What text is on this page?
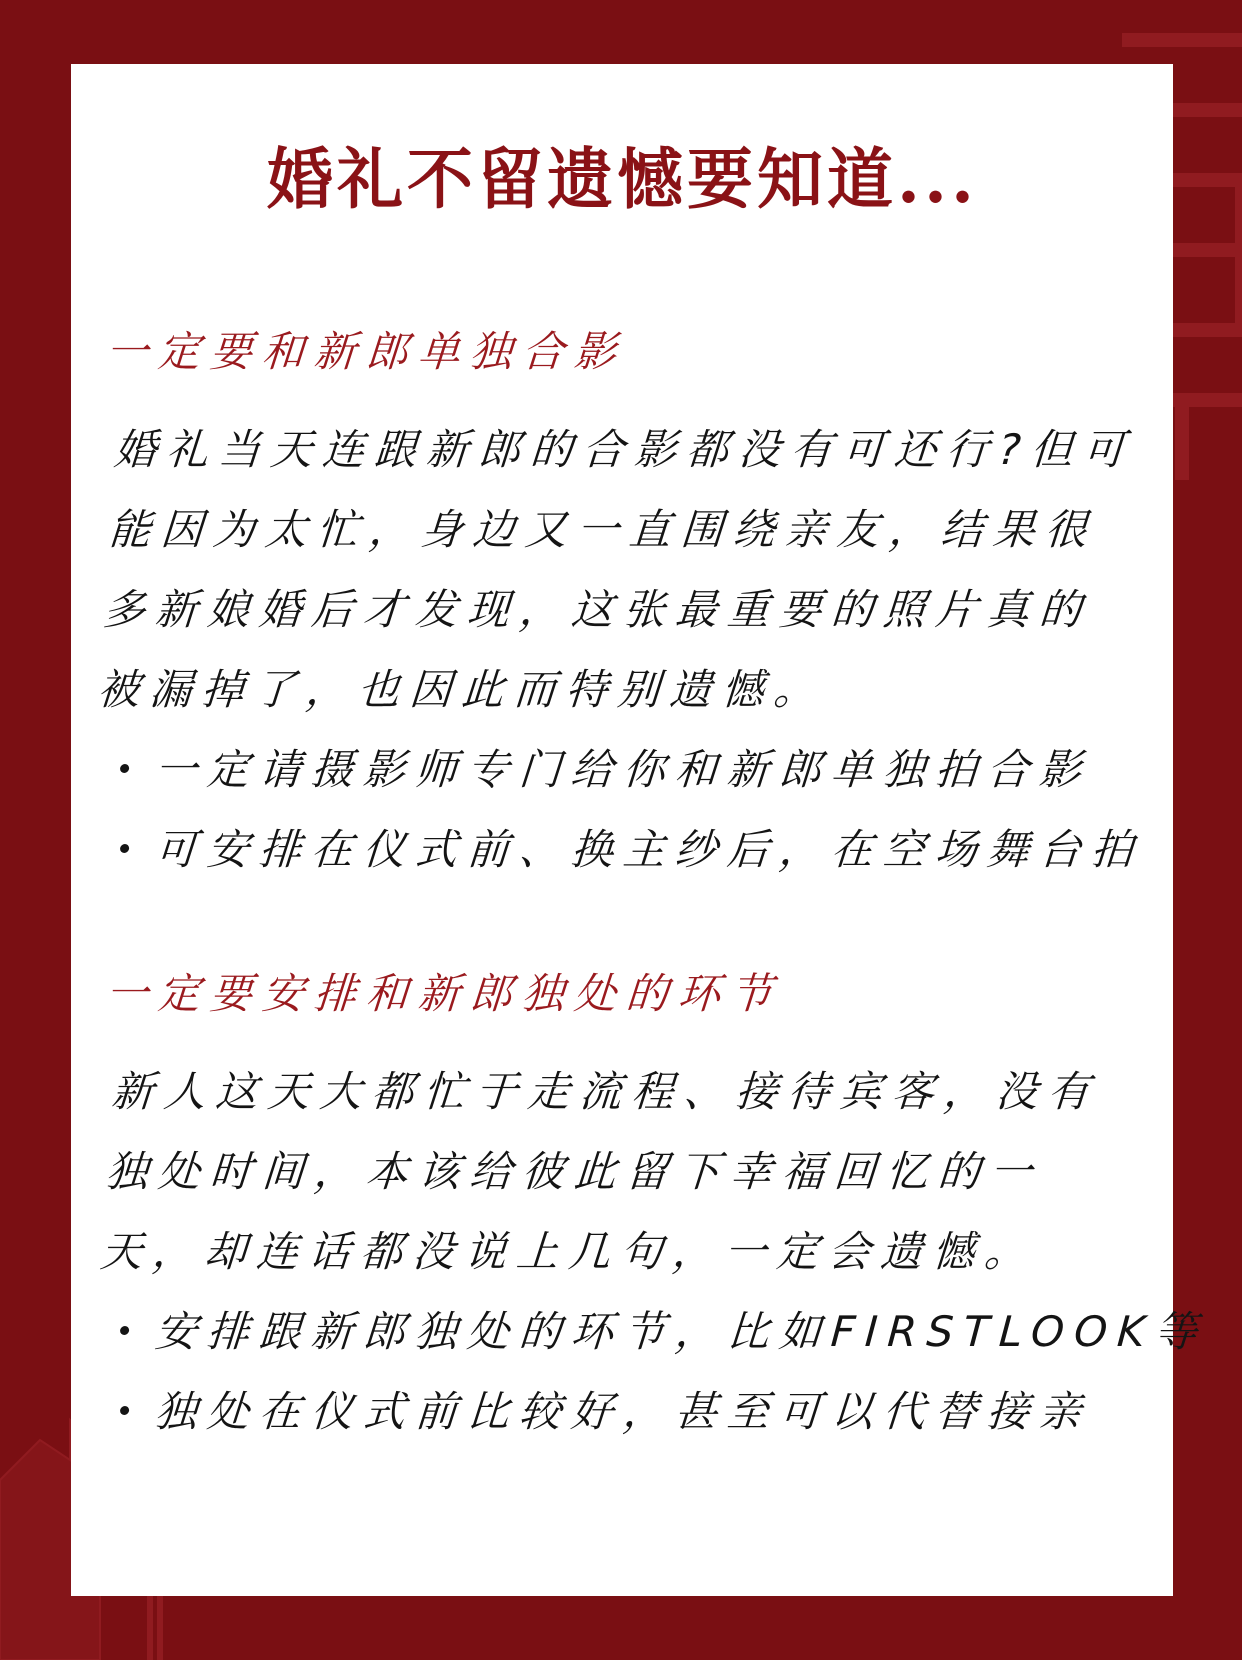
婚礼不留遗憾要知道...
一定要和新郎单独合影

婚礼当天连跟新郎的合影都没有可还行?但可能因为太忙，身边又一直围绕亲友，结果很多新娘婚后才发现，这张最重要的照片真的被漏掉了，也因此而特别遗憾。

一定请摄影师专门给你和新郎单独拍合影
可安排在仪式前、换主纱后，在空场舞台拍
一定要安排和新郎独处的环节

新人这天大都忙于走流程、接待宾客，没有独处时间，本该给彼此留下幸福回忆的一天，却连话都没说上几句，一定会遗憾。

安排跟新郎独处的环节，比如FIRSTLOOK等
独处在仪式前比较好，甚至可以代替接亲
